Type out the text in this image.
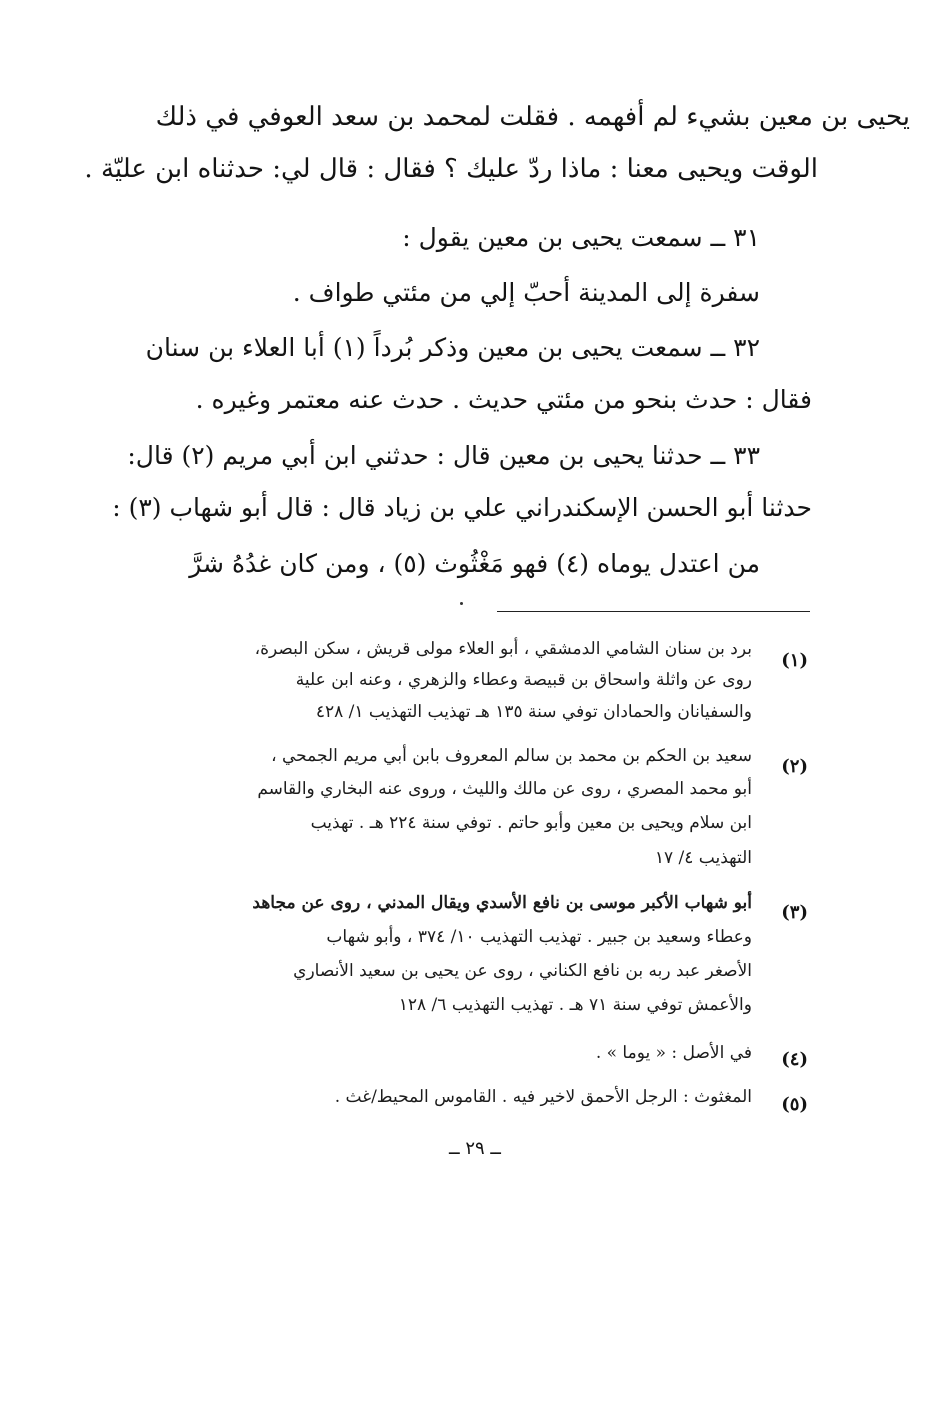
يحيى بن معين بشيء لم أفهمه . فقلت لمحمد بن سعد العوفي في ذلك
الوقت ويحيى معنا : ماذا ردّ عليك ؟ فقال : قال لي: حدثناه ابن عليّة .
٣١ ــ سمعت يحيى بن معين يقول :
سفرة إلى المدينة أحبّ إلي من مئتي طواف .
٣٢ ــ سمعت يحيى بن معين وذكر بُرداً (١) أبا العلاء بن سنان
فقال : حدث بنحو من مئتي حديث . حدث عنه معتمر وغيره .
٣٣ ــ حدثنا يحيى بن معين قال : حدثني ابن أبي مريم (٢) قال:
حدثنا أبو الحسن الإسكندراني علي بن زياد قال : قال أبو شهاب (٣) :
من اعتدل يوماه (٤) فهو مَغْثُوث (٥) ، ومن كان غدُهُ شرَّ
(١)
برد بن سنان الشامي الدمشقي ، أبو العلاء مولى قريش ، سكن البصرة،
روى عن واثلة واسحاق بن قبيصة وعطاء والزهري ، وعنه ابن علية
والسفيانان والحمادان توفي سنة ١٣٥ هـ تهذيب التهذيب ١/ ٤٢٨
(٢)
سعيد بن الحكم بن محمد بن سالم المعروف بابن أبي مريم الجمحي ،
أبو محمد المصري ، روى عن مالك والليث ، وروى عنه البخاري والقاسم
ابن سلام ويحيى بن معين وأبو حاتم . توفي سنة ٢٢٤ هـ . تهذيب
التهذيب ٤/ ١٧
(٣)
أبو شهاب الأكبر موسى بن نافع الأسدي ويقال المدني ، روى عن مجاهد
وعطاء وسعيد بن جبير . تهذيب التهذيب ١٠/ ٣٧٤ ، وأبو شهاب
الأصغر عبد ربه بن نافع الكناني ، روى عن يحيى بن سعيد الأنصاري
والأعمش توفي سنة ٧١ هـ . تهذيب التهذيب ٦/ ١٢٨
(٤)
في الأصل : « يوما » .
(٥)
المغثوث : الرجل الأحمق لاخير فيه . القاموس المحيط/غث .
ــ ٢٩ ــ
